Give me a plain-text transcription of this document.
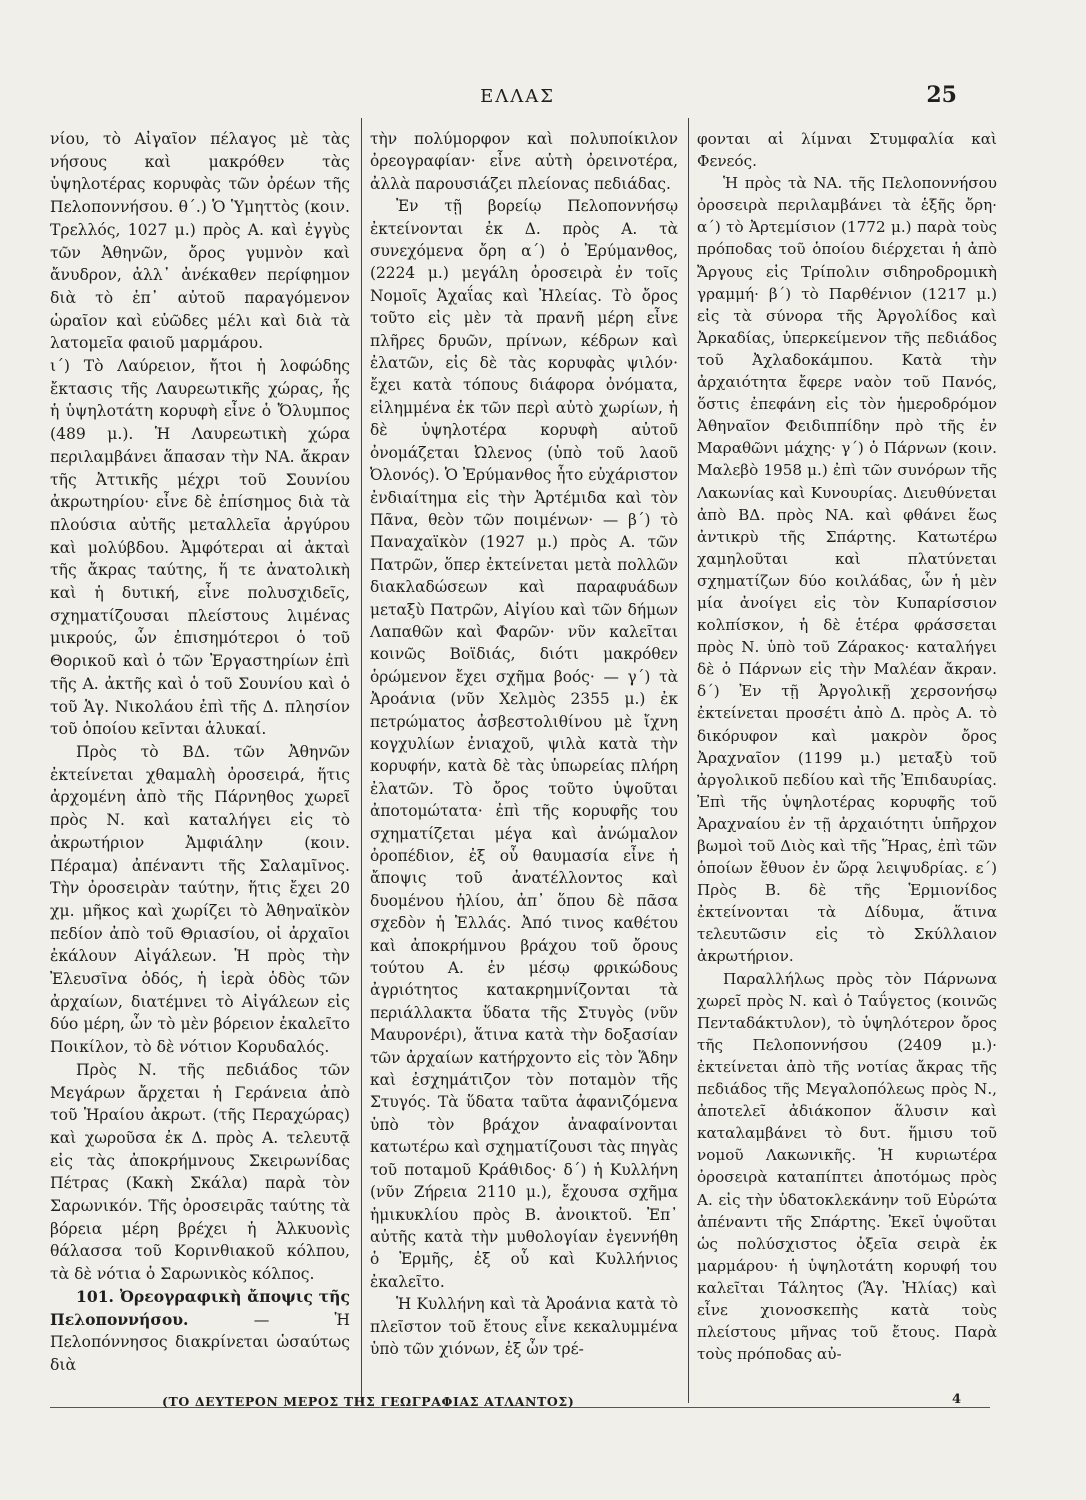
ΕΛΛΑΣ	25

νίου, τὸ Αἰγαῖον πέλαγος μὲ τὰς νήσους καὶ μακρόθεν τὰς ὑψηλοτέρας κορυφὰς τῶν ὀρέων τῆς Πελοποννήσου. θ΄.) Ὁ Ὑμηττὸς (κοιν. Τρελλός, 1027 μ.) πρὸς Α. καὶ ἐγγὺς τῶν Ἀθηνῶν, ὄρος γυμνὸν καὶ ἄνυδρον, ἀλλ᾽ ἀνέκαθεν περίφημον διὰ τὸ ἐπ᾽ αὐτοῦ παραγόμενον ὡραῖον καὶ εὐῶδες μέλι καὶ διὰ τὰ λατομεῖα φαιοῦ μαρμάρου.

ι΄) Τὸ Λαύρειον, ἤτοι ἡ λοφώδης ἔκτασις τῆς Λαυρεωτικῆς χώρας, ἧς ἡ ὑψηλοτάτη κορυφὴ εἶνε ὁ Ὄλυμπος (489 μ.). Ἡ Λαυρεωτικὴ χώρα περιλαμβάνει ἅπασαν τὴν ΝΑ. ἄκραν τῆς Ἀττικῆς μέχρι τοῦ Σουνίου ἀκρωτηρίου· εἶνε δὲ ἐπίσημος διὰ τὰ πλούσια αὐτῆς μεταλλεῖα ἀργύρου καὶ μολύβδου. Ἀμφότεραι αἱ ἀκταὶ τῆς ἄκρας ταύτης, ἥ τε ἀνατολικὴ καὶ ἡ δυτική, εἶνε πολυσχιδεῖς, σχηματίζουσαι πλείστους λιμένας μικρούς, ὧν ἐπισημότεροι ὁ τοῦ Θορικοῦ καὶ ὁ τῶν Ἐργαστηρίων ἐπὶ τῆς Α. ἀκτῆς καὶ ὁ τοῦ Σουνίου καὶ ὁ τοῦ Ἁγ. Νικολάου ἐπὶ τῆς Δ. πλησίον τοῦ ὁποίου κεῖνται ἁλυκαί.

Πρὸς τὸ ΒΔ. τῶν Ἀθηνῶν ἐκτείνεται χθαμαλὴ ὀροσειρά, ἥτις ἀρχομένη ἀπὸ τῆς Πάρνηθος χωρεῖ πρὸς Ν. καὶ καταλήγει εἰς τὸ ἀκρωτήριον Ἀμφιάλην (κοιν. Πέραμα) ἀπέναντι τῆς Σαλαμῖνος. Τὴν ὀροσειρὰν ταύτην, ἥτις ἔχει 20 χμ. μῆκος καὶ χωρίζει τὸ Ἀθηναϊκὸν πεδίον ἀπὸ τοῦ Θριασίου, οἱ ἀρχαῖοι ἐκάλουν Αἰγάλεων. Ἡ πρὸς τὴν Ἐλευσῖνα ὁδός, ἡ ἱερὰ ὁδὸς τῶν ἀρχαίων, διατέμνει τὸ Αἰγάλεων εἰς δύο μέρη, ὧν τὸ μὲν βόρειον ἐκαλεῖτο Ποικίλον, τὸ δὲ νότιον Κορυδαλός.

Πρὸς Ν. τῆς πεδιάδος τῶν Μεγάρων ἄρχεται ἡ Γεράνεια ἀπὸ τοῦ Ἡραίου ἀκρωτ. (τῆς Περαχώρας) καὶ χωροῦσα ἐκ Δ. πρὸς Α. τελευτᾷ εἰς τὰς ἀποκρήμνους Σκειρωνίδας Πέτρας (Κακὴ Σκάλα) παρὰ τὸν Σαρωνικόν. Τῆς ὀροσειρᾶς ταύτης τὰ βόρεια μέρη βρέχει ἡ Ἀλκυονὶς θάλασσα τοῦ Κορινθιακοῦ κόλπου, τὰ δὲ νότια ὁ Σαρωνικὸς κόλπος.

101. Ὀρεογραφικὴ ἄποψις τῆς Πελοποννήσου. — Ἡ Πελοπόννησος διακρίνεται ὡσαύτως διὰ

τὴν πολύμορφον καὶ πολυποίκιλον ὀρεογραφίαν· εἶνε αὐτὴ ὀρεινοτέρα, ἀλλὰ παρουσιάζει πλείονας πεδιάδας.

Ἐν τῇ βορείῳ Πελοποννήσῳ ἐκτείνονται ἐκ Δ. πρὸς Α. τὰ συνεχόμενα ὄρη α΄) ὁ Ἐρύμανθος, (2224 μ.) μεγάλη ὀροσειρὰ ἐν τοῖς Νομοῖς Ἀχαΐας καὶ Ἠλείας. Τὸ ὄρος τοῦτο εἰς μὲν τὰ πρανῆ μέρη εἶνε πλῆρες δρυῶν, πρίνων, κέδρων καὶ ἐλατῶν, εἰς δὲ τὰς κορυφὰς ψιλόν· ἔχει κατὰ τόπους διάφορα ὀνόματα, εἰλημμένα ἐκ τῶν περὶ αὐτὸ χωρίων, ἡ δὲ ὑψηλοτέρα κορυφὴ αὐτοῦ ὀνομάζεται Ὠλενος (ὑπὸ τοῦ λαοῦ Ὀλονός). Ὁ Ἐρύμανθος ἦτο εὐχάριστον ἐνδιαίτημα εἰς τὴν Ἀρτέμιδα καὶ τὸν Πᾶνα, θεὸν τῶν ποιμένων· — β΄) τὸ Παναχαϊκὸν (1927 μ.) πρὸς Α. τῶν Πατρῶν, ὅπερ ἐκτείνεται μετὰ πολλῶν διακλαδώσεων καὶ παραφυάδων μεταξὺ Πατρῶν, Αἰγίου καὶ τῶν δήμων Λαπαθῶν καὶ Φαρῶν· νῦν καλεῖται κοινῶς Βοϊδιάς, διότι μακρόθεν ὁρώμενον ἔχει σχῆμα βοός· — γ΄) τὰ Ἀροάνια (νῦν Χελμὸς 2355 μ.) ἐκ πετρώματος ἀσβεστολιθίνου μὲ ἴχνη κογχυλίων ἐνιαχοῦ, ψιλὰ κατὰ τὴν κορυφήν, κατὰ δὲ τὰς ὑπωρείας πλήρη ἐλατῶν. Τὸ ὄρος τοῦτο ὑψοῦται ἀποτομώτατα· ἐπὶ τῆς κορυφῆς του σχηματίζεται μέγα καὶ ἀνώμαλον ὀροπέδιον, ἐξ οὗ θαυμασία εἶνε ἡ ἄποψις τοῦ ἀνατέλλοντος καὶ δυομένου ἡλίου, ἀπ᾽ ὅπου δὲ πᾶσα σχεδὸν ἡ Ἑλλάς. Ἀπό τινος καθέτου καὶ ἀποκρήμνου βράχου τοῦ ὄρους τούτου Α. ἐν μέσῳ φρικώδους ἀγριότητος κατακρημνίζονται τὰ περιάλλακτα ὕδατα τῆς Στυγὸς (νῦν Μαυρονέρι), ἅτινα κατὰ τὴν δοξασίαν τῶν ἀρχαίων κατήρχοντο εἰς τὸν Ἅδην καὶ ἐσχημάτιζον τὸν ποταμὸν τῆς Στυγός. Τὰ ὕδατα ταῦτα ἀφανιζόμενα ὑπὸ τὸν βράχον ἀναφαίνονται κατωτέρω καὶ σχηματίζουσι τὰς πηγὰς τοῦ ποταμοῦ Κράθιδος· δ΄) ἡ Κυλλήνη (νῦν Ζήρεια 2110 μ.), ἔχουσα σχῆμα ἡμικυκλίου πρὸς Β. ἀνοικτοῦ. Ἐπ᾽ αὐτῆς κατὰ τὴν μυθολογίαν ἐγεννήθη ὁ Ἑρμῆς, ἐξ οὗ καὶ Κυλλήνιος ἐκαλεῖτο.

Ἡ Κυλλήνη καὶ τὰ Ἀροάνια κατὰ τὸ πλεῖστον τοῦ ἔτους εἶνε κεκαλυμμένα ὑπὸ τῶν χιόνων, ἐξ ὧν τρέ-

φονται αἱ λίμναι Στυμφαλία καὶ Φενεός.

Ἡ πρὸς τὰ ΝΑ. τῆς Πελοποννήσου ὀροσειρὰ περιλαμβάνει τὰ ἑξῆς ὄρη· α΄) τὸ Ἀρτεμίσιον (1772 μ.) παρὰ τοὺς πρόποδας τοῦ ὁποίου διέρχεται ἡ ἀπὸ Ἄργους εἰς Τρίπολιν σιδηροδρομικὴ γραμμή· β΄) τὸ Παρθένιον (1217 μ.) εἰς τὰ σύνορα τῆς Ἀργολίδος καὶ Ἀρκαδίας, ὑπερκείμενον τῆς πεδιάδος τοῦ Ἀχλαδοκάμπου. Κατὰ τὴν ἀρχαιότητα ἔφερε ναὸν τοῦ Πανός, ὅστις ἐπεφάνη εἰς τὸν ἡμεροδρόμον Ἀθηναῖον Φειδιππίδην πρὸ τῆς ἐν Μαραθῶνι μάχης· γ΄) ὁ Πάρνων (κοιν. Μαλεβὸ 1958 μ.) ἐπὶ τῶν συνόρων τῆς Λακωνίας καὶ Κυνουρίας. Διευθύνεται ἀπὸ ΒΔ. πρὸς ΝΑ. καὶ φθάνει ἕως ἀντικρὺ τῆς Σπάρτης. Κατωτέρω χαμηλοῦται καὶ πλατύνεται σχηματίζων δύο κοιλάδας, ὧν ἡ μὲν μία ἀνοίγει εἰς τὸν Κυπαρίσσιον κολπίσκον, ἡ δὲ ἑτέρα φράσσεται πρὸς Ν. ὑπὸ τοῦ Ζάρακος· καταλήγει δὲ ὁ Πάρνων εἰς τὴν Μαλέαν ἄκραν. δ΄) Ἐν τῇ Ἀργολικῇ χερσονήσῳ ἐκτείνεται προσέτι ἀπὸ Δ. πρὸς Α. τὸ δικόρυφον καὶ μακρὸν ὄρος Ἀραχναῖον (1199 μ.) μεταξὺ τοῦ ἀργολικοῦ πεδίου καὶ τῆς Ἐπιδαυρίας. Ἐπὶ τῆς ὑψηλοτέρας κορυφῆς τοῦ Ἀραχναίου ἐν τῇ ἀρχαιότητι ὑπῆρχον βωμοὶ τοῦ Διὸς καὶ τῆς Ἥρας, ἐπὶ τῶν ὁποίων ἔθυον ἐν ὥρᾳ λειψυδρίας. ε΄) Πρὸς Β. δὲ τῆς Ἑρμιονίδος ἐκτείνονται τὰ Δίδυμα, ἅτινα τελευτῶσιν εἰς τὸ Σκύλλαιον ἀκρωτήριον.

Παραλλήλως πρὸς τὸν Πάρνωνα χωρεῖ πρὸς Ν. καὶ ὁ Ταΰγετος (κοινῶς Πενταδάκτυλον), τὸ ὑψηλότερον ὄρος τῆς Πελοποννήσου (2409 μ.)· ἐκτείνεται ἀπὸ τῆς νοτίας ἄκρας τῆς πεδιάδος τῆς Μεγαλοπόλεως πρὸς Ν., ἀποτελεῖ ἀδιάκοπον ἅλυσιν καὶ καταλαμβάνει τὸ δυτ. ἥμισυ τοῦ νομοῦ Λακωνικῆς. Ἡ κυριωτέρα ὀροσειρὰ καταπίπτει ἀποτόμως πρὸς Α. εἰς τὴν ὑδατοκλεκάνην τοῦ Εὐρώτα ἀπέναντι τῆς Σπάρτης. Ἐκεῖ ὑψοῦται ὡς πολύσχιστος ὀξεῖα σειρὰ ἐκ μαρμάρου· ἡ ὑψηλοτάτη κορυφή του καλεῖται Τάλητος (Ἅγ. Ἠλίας) καὶ εἶνε χιονοσκεπὴς κατὰ τοὺς πλείστους μῆνας τοῦ ἔτους. Παρὰ τοὺς πρόποδας αὐ-

(ΤΟ ΔΕΥΤΕΡΟΝ ΜΕΡΟΣ ΤΗΣ ΓΕΩΓΡΑΦΙΑΣ ΑΤΛΑΝΤΟΣ)	4
